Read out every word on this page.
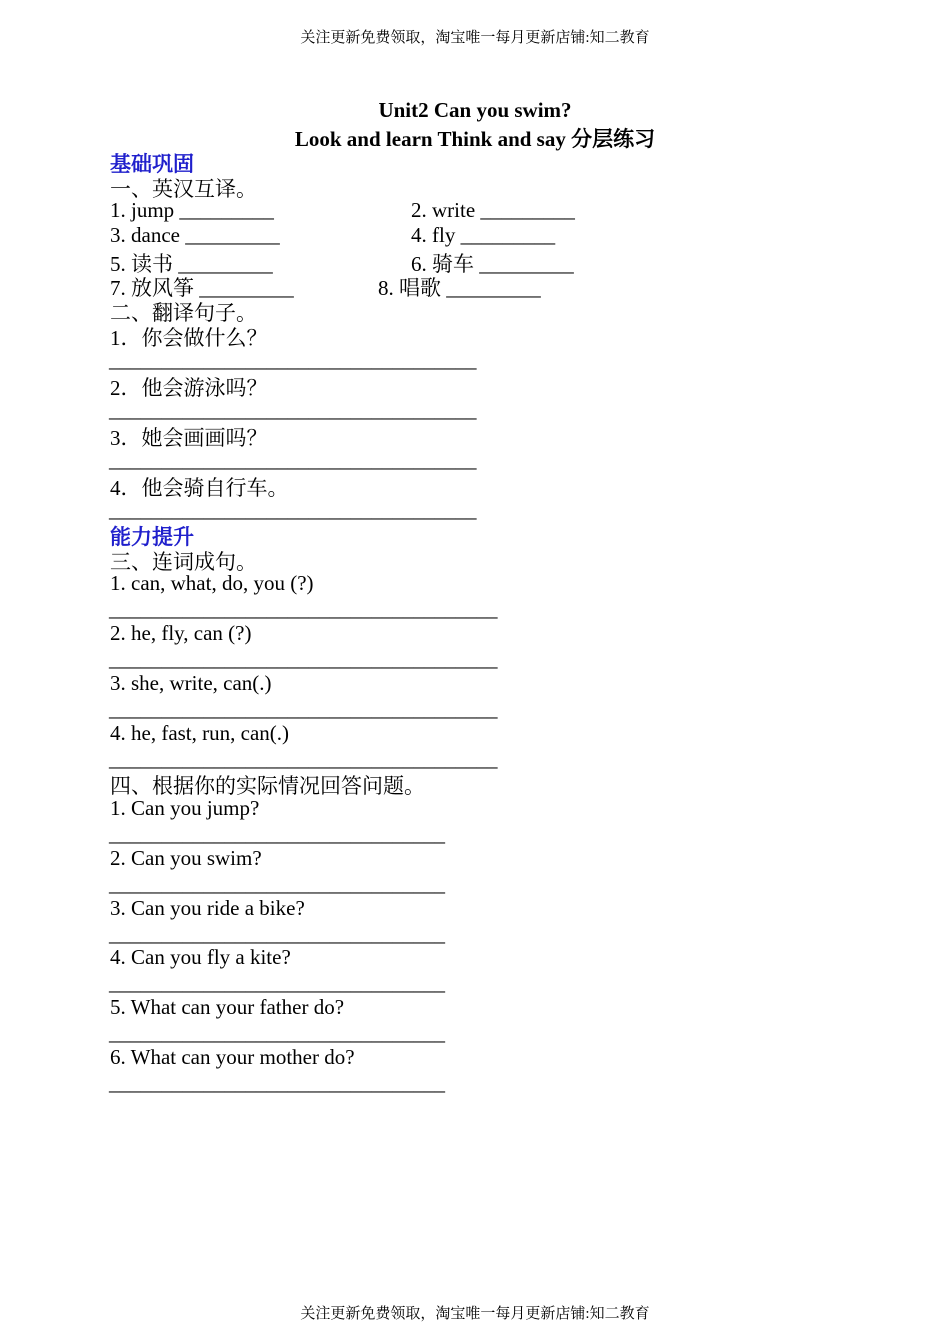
关注更新免费领取，淘宝唯一每月更新店铺:知二教育
关注更新免费领取，淘宝唯一每月更新店铺:知二教育
Unit2 Can you swim?
Look and learn Think and say 分层练习
基础巩固
一、英汉互译。
1. jump _________	2. write _________
3. dance _________	4. fly _________
5. 读书 _________	6. 骑车 _________
7. 放风筝 _________	8. 唱歌 _________
二、翻译句子。
1．你会做什么？
___________________________________
2．他会游泳吗？
___________________________________
3．她会画画吗？
___________________________________
4．他会骑自行车。
___________________________________
能力提升
三、连词成句。
1. can, what, do, you (?)
_____________________________________
2. he, fly, can (?)
_____________________________________
3. she, write, can(.)
_____________________________________
4. he, fast, run, can(.)
_____________________________________
四、根据你的实际情况回答问题。
1. Can you jump?
________________________________
2. Can you swim?
________________________________
3. Can you ride a bike?
________________________________
4. Can you fly a kite?
________________________________
5. What can your father do?
________________________________
6. What can your mother do?
________________________________
